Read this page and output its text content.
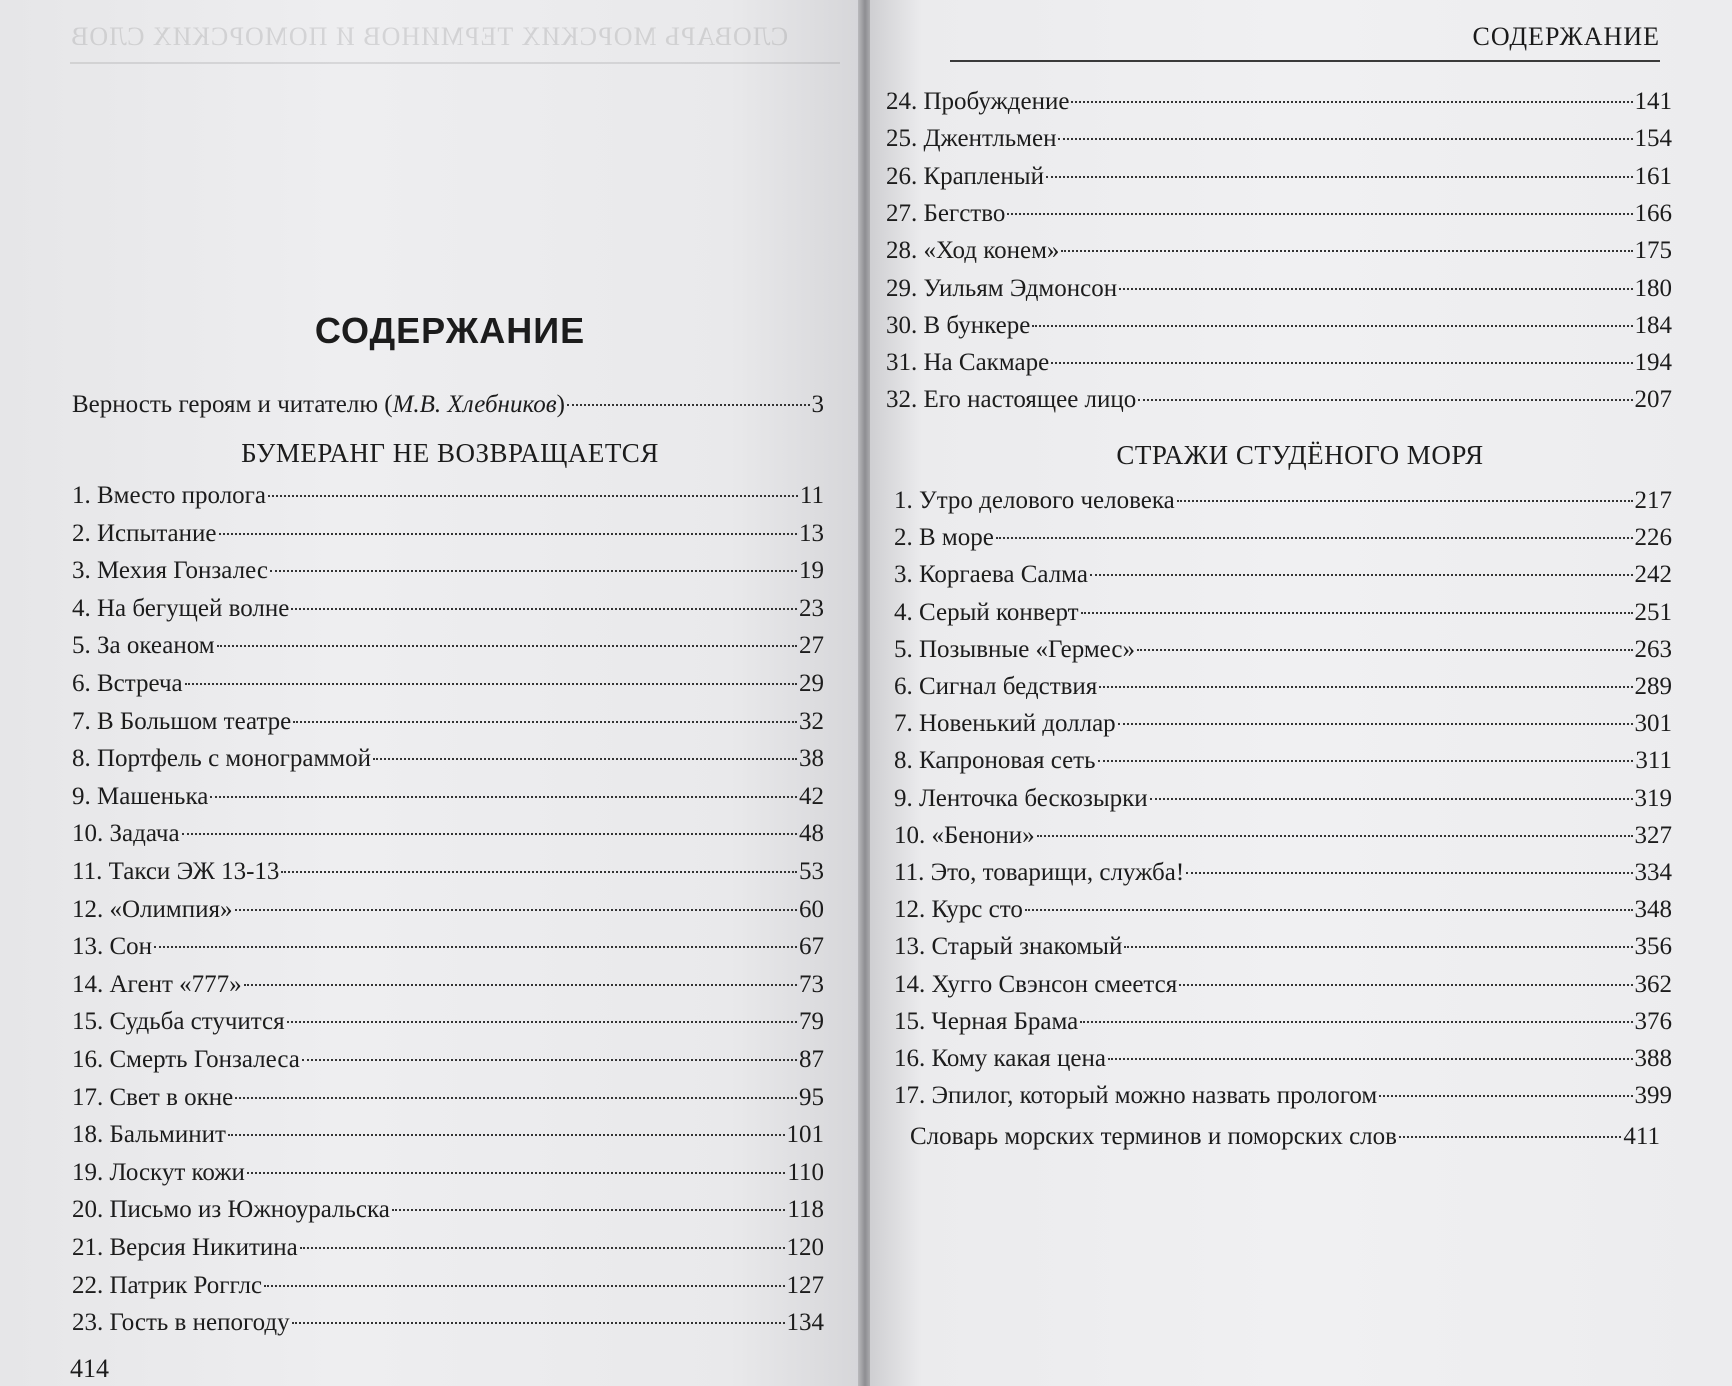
СЛОВАРЬ МОРСКИХ ТЕРМИНОВ И ПОМОРСКИХ СЛОВ
СОДЕРЖАНИЕ
Верность героям и читателю (М.В. Хлебников)	3
БУМЕРАНГ НЕ ВОЗВРАЩАЕТСЯ
1. Вместо пролога	11
2. Испытание	13
3. Мехия Гонзалес	19
4. На бегущей волне	23
5. За океаном	27
6. Встреча	29
7. В Большом театре	32
8. Портфель с монограммой	38
9. Машенька	42
10. Задача	48
11. Такси ЭЖ 13-13	53
12. «Олимпия»	60
13. Сон	67
14. Агент «777»	73
15. Судьба стучится	79
16. Смерть Гонзалеса	87
17. Свет в окне	95
18. Бальминит	101
19. Лоскут кожи	110
20. Письмо из Южноуральска	118
21. Версия Никитина	120
22. Патрик Рогглс	127
23. Гость в непогоду	134
414
СОДЕРЖАНИЕ
24. Пробуждение	141
25. Джентльмен	154
26. Крапленый	161
27. Бегство	166
28. «Ход конем»	175
29. Уильям Эдмонсон	180
30. В бункере	184
31. На Сакмаре	194
32. Его настоящее лицо	207
СТРАЖИ СТУДЁНОГО МОРЯ
1. Утро делового человека	217
2. В море	226
3. Коргаева Салма	242
4. Серый конверт	251
5. Позывные «Гермес»	263
6. Сигнал бедствия	289
7. Новенький доллар	301
8. Капроновая сеть	311
9. Ленточка бескозырки	319
10. «Бенони»	327
11. Это, товарищи, служба!	334
12. Курс сто	348
13. Старый знакомый	356
14. Хугго Свэнсон смеется	362
15. Черная Брама	376
16. Кому какая цена	388
17. Эпилог, который можно назвать прологом	399
Словарь морских терминов и поморских слов	411
